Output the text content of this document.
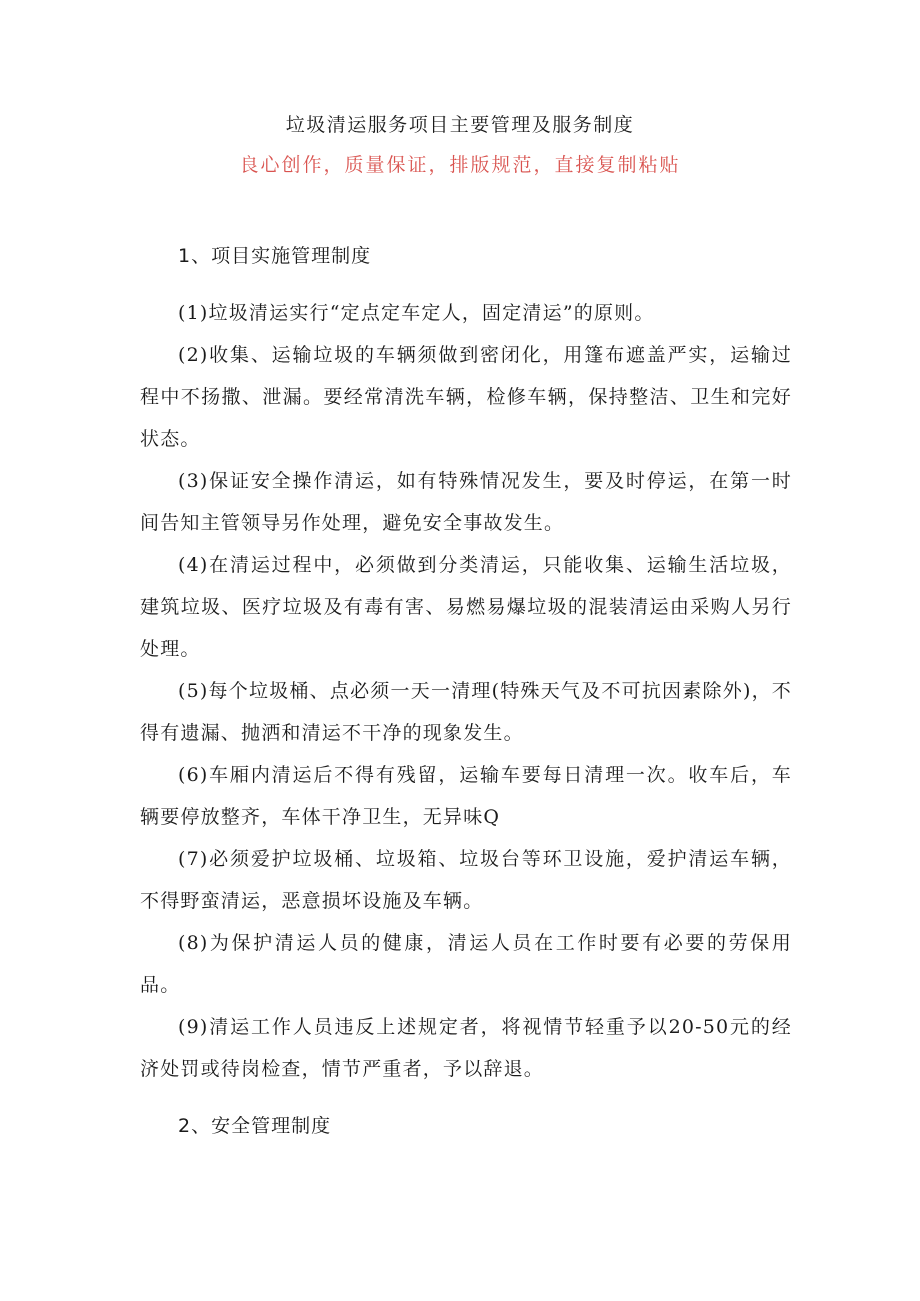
垃圾清运服务项目主要管理及服务制度
良心创作，质量保证，排版规范，直接复制粘贴
1、项目实施管理制度

(1)垃圾清运实行“定点定车定人，固定清运”的原则。

(2)收集、运输垃圾的车辆须做到密闭化，用篷布遮盖严实，运输过程中不扬撒、泄漏。要经常清洗车辆，检修车辆，保持整洁、卫生和完好状态。

(3)保证安全操作清运，如有特殊情况发生，要及时停运，在第一时间告知主管领导另作处理，避免安全事故发生。

(4)在清运过程中，必须做到分类清运，只能收集、运输生活垃圾，建筑垃圾、医疗垃圾及有毒有害、易燃易爆垃圾的混装清运由采购人另行处理。

(5)每个垃圾桶、点必须一天一清理(特殊天气及不可抗因素除外)，不得有遗漏、抛洒和清运不干净的现象发生。

(6)车厢内清运后不得有残留，运输车要每日清理一次。收车后，车辆要停放整齐，车体干净卫生，无异味Q

(7)必须爱护垃圾桶、垃圾箱、垃圾台等环卫设施，爱护清运车辆，不得野蛮清运，恶意损坏设施及车辆。

(8)为保护清运人员的健康，清运人员在工作时要有必要的劳保用品。

(9)清运工作人员违反上述规定者，将视情节轻重予以20-50元的经济处罚或待岗检查，情节严重者，予以辞退。

2、安全管理制度
